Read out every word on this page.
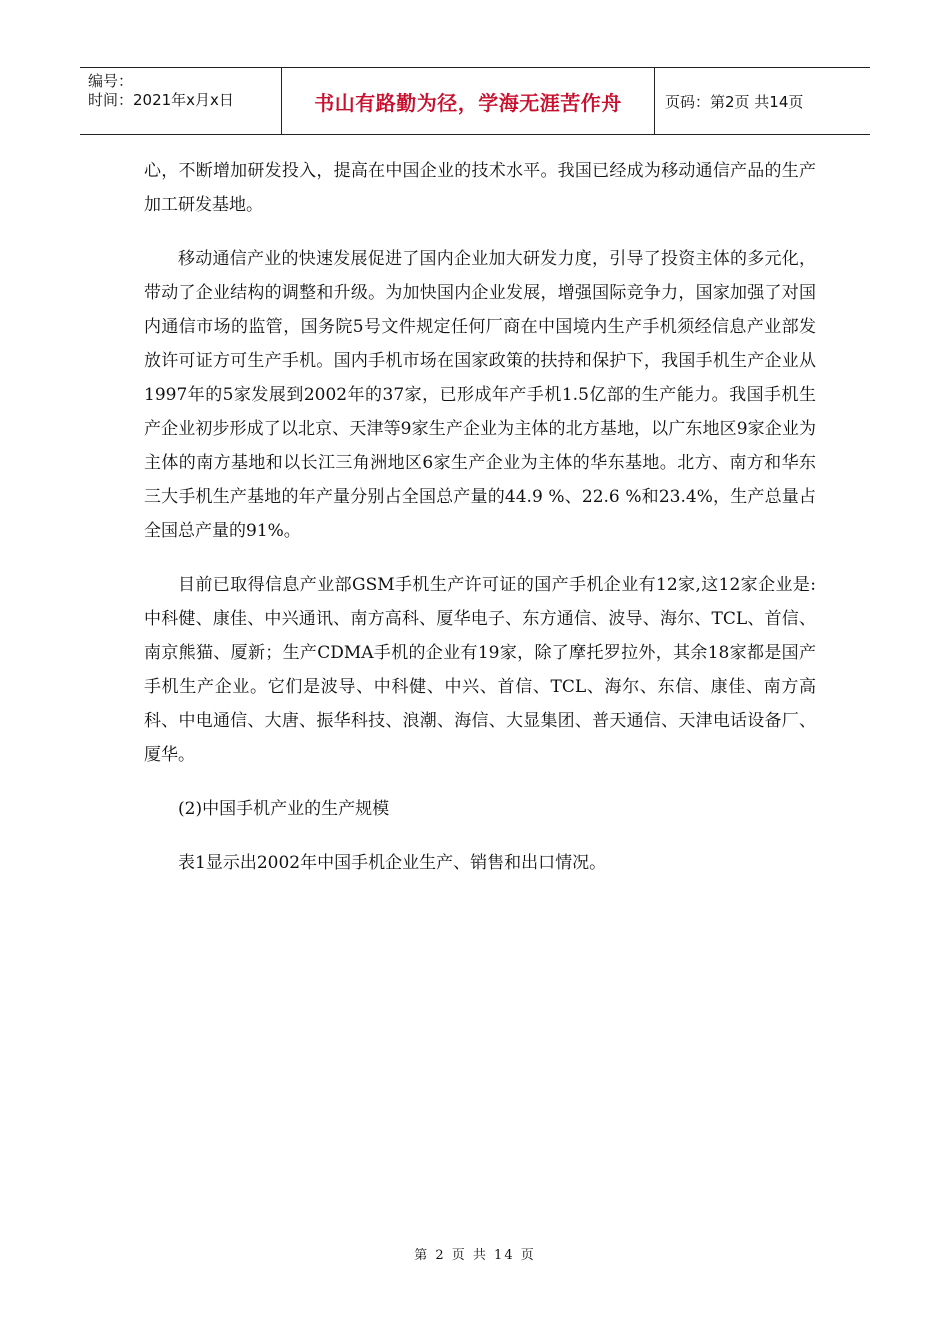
编号：
时间：2021年x月x日	书山有路勤为径，学海无涯苦作舟	页码：第2页 共14页

心，不断增加研发投入，提高在中国企业的技术水平。我国已经成为移动通信产品的生产加工研发基地。

移动通信产业的快速发展促进了国内企业加大研发力度，引导了投资主体的多元化，带动了企业结构的调整和升级。为加快国内企业发展，增强国际竞争力，国家加强了对国内通信市场的监管，国务院5号文件规定任何厂商在中国境内生产手机须经信息产业部发放许可证方可生产手机。国内手机市场在国家政策的扶持和保护下，我国手机生产企业从1997年的5家发展到2002年的37家，已形成年产手机1.5亿部的生产能力。我国手机生产企业初步形成了以北京、天津等9家生产企业为主体的北方基地，以广东地区9家企业为主体的南方基地和以长江三角洲地区6家生产企业为主体的华东基地。北方、南方和华东三大手机生产基地的年产量分别占全国总产量的44.9 %、22.6 %和23.4%，生产总量占全国总产量的91%。

目前已取得信息产业部GSM手机生产许可证的国产手机企业有12家,这12家企业是:中科健、康佳、中兴通讯、南方高科、厦华电子、东方通信、波导、海尔、TCL、首信、南京熊猫、厦新；生产CDMA手机的企业有19家，除了摩托罗拉外，其余18家都是国产手机生产企业。它们是波导、中科健、中兴、首信、TCL、海尔、东信、康佳、南方高科、中电通信、大唐、振华科技、浪潮、海信、大显集团、普天通信、天津电话设备厂、厦华。

(2)中国手机产业的生产规模

表1显示出2002年中国手机企业生产、销售和出口情况。

第 2 页 共 14 页
